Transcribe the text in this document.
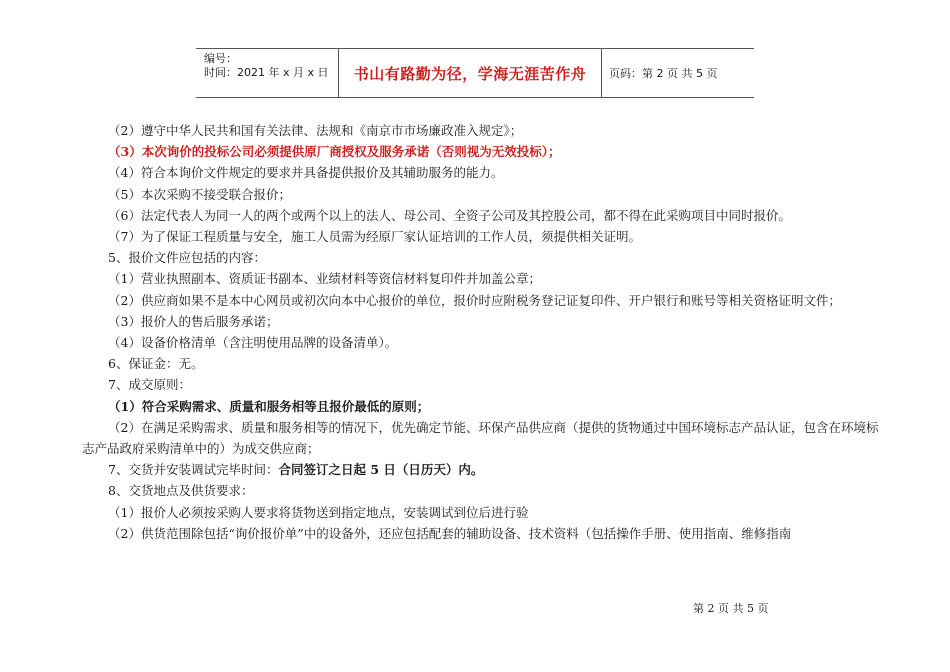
编号：
时间：2021 年 x 月 x 日	书山有路勤为径，学海无涯苦作舟	页码：第 2 页 共 5 页
（2）遵守中华人民共和国有关法律、法规和《南京市市场廉政准入规定》；
（3）本次询价的投标公司必须提供原厂商授权及服务承诺（否则视为无效投标）；
（4）符合本询价文件规定的要求并具备提供报价及其辅助服务的能力。
（5）本次采购不接受联合报价；
（6）法定代表人为同一人的两个或两个以上的法人、母公司、全资子公司及其控股公司，都不得在此采购项目中同时报价。
（7）为了保证工程质量与安全，施工人员需为经原厂家认证培训的工作人员，须提供相关证明。
5、报价文件应包括的内容：
（1）营业执照副本、资质证书副本、业绩材料等资信材料复印件并加盖公章；
（2）供应商如果不是本中心网员或初次向本中心报价的单位，报价时应附税务登记证复印件、开户银行和账号等相关资格证明文件；
（3）报价人的售后服务承诺；
（4）设备价格清单（含注明使用品牌的设备清单）。
6、保证金：无。
7、成交原则：
（1）符合采购需求、质量和服务相等且报价最低的原则；
（2）在满足采购需求、质量和服务相等的情况下，优先确定节能、环保产品供应商（提供的货物通过中国环境标志产品认证，包含在环境标志产品政府采购清单中的）为成交供应商；
7、交货并安装调试完毕时间：合同签订之日起 5 日（日历天）内。
8、交货地点及供货要求：
（1）报价人必须按采购人要求将货物送到指定地点，安装调试到位后进行验
（2）供货范围除包括“询价报价单”中的设备外，还应包括配套的辅助设备、技术资料（包括操作手册、使用指南、维修指南
第 2 页 共 5 页
